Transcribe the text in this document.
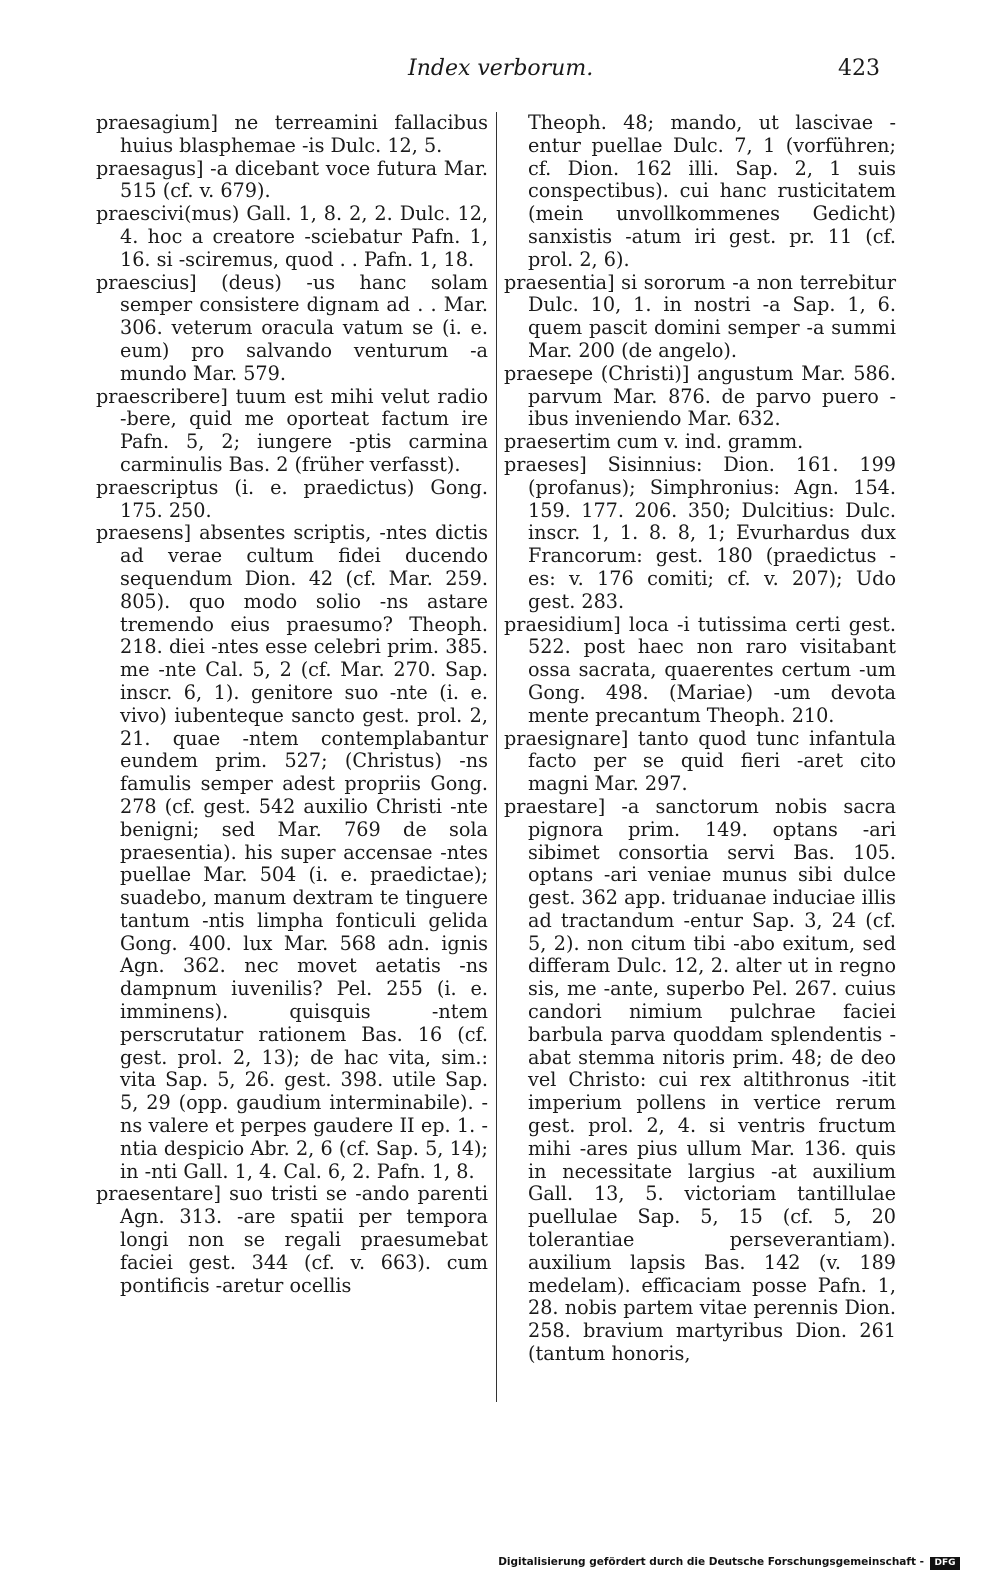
Index verborum.	423

praesagium] ne terreamini fallacibus huius blasphemae -is Dulc. 12, 5.

praesagus] -a dicebant voce futura Mar. 515 (cf. v. 679).

praescivi(mus) Gall. 1, 8. 2, 2. Dulc. 12, 4. hoc a creatore -sciebatur Pafn. 1, 16. si -sciremus, quod . . Pafn. 1, 18.

praescius] (deus) -us hanc solam semper consistere dignam ad . . Mar. 306. veterum oracula vatum se (i. e. eum) pro salvando venturum -a mundo Mar. 579.

praescribere] tuum est mihi velut radio -bere, quid me oporteat factum ire Pafn. 5, 2; iungere -ptis carmina carminulis Bas. 2 (früher verfasst).

praescriptus (i. e. praedictus) Gong. 175. 250.

praesens] absentes scriptis, -ntes dictis ad verae cultum fidei ducendo sequendum Dion. 42 (cf. Mar. 259. 805). quo modo solio -ns astare tremendo eius praesumo? Theoph. 218. diei -ntes esse celebri prim. 385. me -nte Cal. 5, 2 (cf. Mar. 270. Sap. inscr. 6, 1). genitore suo -nte (i. e. vivo) iubenteque sancto gest. prol. 2, 21. quae -ntem contemplabantur eundem prim. 527; (Christus) -ns famulis semper adest propriis Gong. 278 (cf. gest. 542 auxilio Christi -nte benigni; sed Mar. 769 de sola praesentia). his super accensae -ntes puellae Mar. 504 (i. e. praedictae); suadebo, manum dextram te tinguere tantum -ntis limpha fonticuli gelida Gong. 400. lux Mar. 568 adn. ignis Agn. 362. nec movet aetatis -ns dampnum iuvenilis? Pel. 255 (i. e. imminens). quisquis -ntem perscrutatur rationem Bas. 16 (cf. gest. prol. 2, 13); de hac vita, sim.: vita Sap. 5, 26. gest. 398. utile Sap. 5, 29 (opp. gaudium interminabile). -ns valere et perpes gaudere II ep. 1. -ntia despicio Abr. 2, 6 (cf. Sap. 5, 14); in -nti Gall. 1, 4. Cal. 6, 2. Pafn. 1, 8.

praesentare] suo tristi se -ando parenti Agn. 313. -are spatii per tempora longi non se regali praesumebat faciei gest. 344 (cf. v. 663). cum pontificis -aretur ocellis

Theoph. 48; mando, ut lascivae -entur puellae Dulc. 7, 1 (vorführen; cf. Dion. 162 illi. Sap. 2, 1 suis conspectibus). cui hanc rusticitatem (mein unvollkommenes Gedicht) sanxistis -atum iri gest. pr. 11 (cf. prol. 2, 6).

praesentia] si sororum -a non terrebitur Dulc. 10, 1. in nostri -a Sap. 1, 6. quem pascit domini semper -a summi Mar. 200 (de angelo).

praesepe (Christi)] angustum Mar. 586. parvum Mar. 876. de parvo puero -ibus inveniendo Mar. 632.

praesertim cum v. ind. gramm.

praeses] Sisinnius: Dion. 161. 199 (profanus); Simphronius: Agn. 154. 159. 177. 206. 350; Dulcitius: Dulc. inscr. 1, 1. 8. 8, 1; Evurhardus dux Francorum: gest. 180 (praedictus -es: v. 176 comiti; cf. v. 207); Udo gest. 283.

praesidium] loca -i tutissima certi gest. 522. post haec non raro visitabant ossa sacrata, quaerentes certum -um Gong. 498. (Mariae) -um devota mente precantum Theoph. 210.

praesignare] tanto quod tunc infantula facto per se quid fieri -aret cito magni Mar. 297.

praestare] -a sanctorum nobis sacra pignora prim. 149. optans -ari sibimet consortia servi Bas. 105. optans -ari veniae munus sibi dulce gest. 362 app. triduanae induciae illis ad tractandum -entur Sap. 3, 24 (cf. 5, 2). non citum tibi -abo exitum, sed differam Dulc. 12, 2. alter ut in regno sis, me -ante, superbo Pel. 267. cuius candori nimium pulchrae faciei barbula parva quoddam splendentis -abat stemma nitoris prim. 48; de deo vel Christo: cui rex altithronus -itit imperium pollens in vertice rerum gest. prol. 2, 4. si ventris fructum mihi -ares pius ullum Mar. 136. quis in necessitate largius -at auxilium Gall. 13, 5. victoriam tantillulae puellulae Sap. 5, 15 (cf. 5, 20 tolerantiae perseverantiam). auxilium lapsis Bas. 142 (v. 189 medelam). efficaciam posse Pafn. 1, 28. nobis partem vitae perennis Dion. 258. bravium martyribus Dion. 261 (tantum honoris,

Digitalisierung gefördert durch die Deutsche Forschungsgemeinschaft -	DFG
